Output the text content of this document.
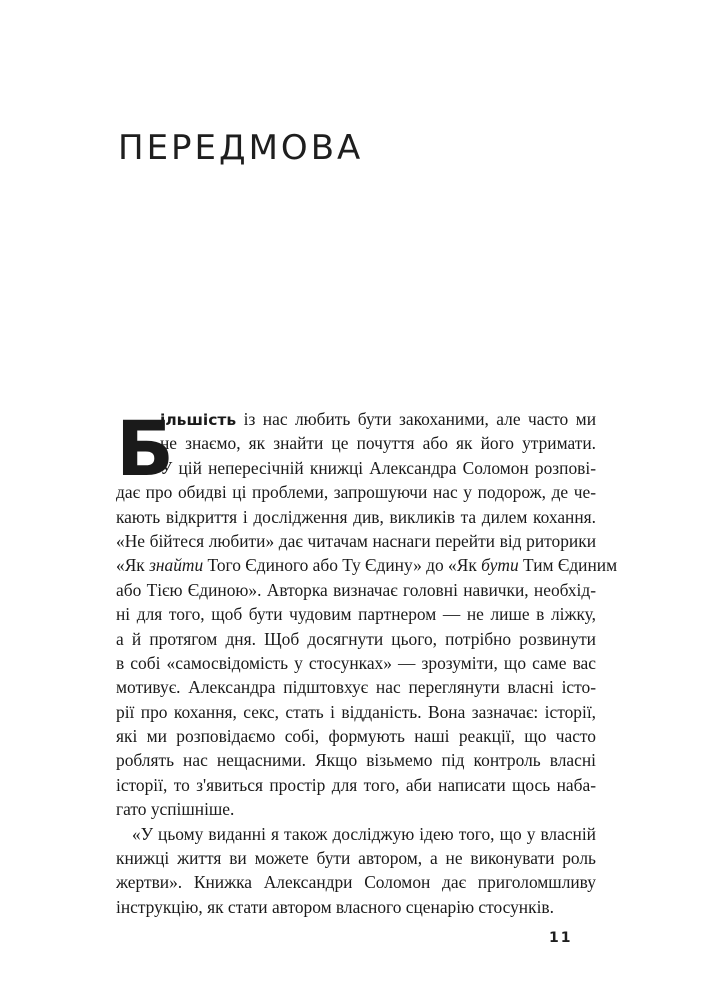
ПЕРЕДМОВА
Б
ільшість із нас любить бути закоханими, але часто ми
не знаємо, як знайти це почуття або як його утримати.
У цій непересічній книжці Александра Соломон розпові-
дає про обидві ці проблеми, запрошуючи нас у подорож, де че-
кають відкриття і дослідження див, викликів та дилем кохання.
«Не бійтеся любити» дає читачам наснаги перейти від риторики
«Як знайти Того Єдиного або Ту Єдину» до «Як бути Тим Єдиним
або Тією Єдиною». Авторка визначає головні навички, необхід-
ні для того, щоб бути чудовим партнером — не лише в ліжку,
а й протягом дня. Щоб досягнути цього, потрібно розвинути
в собі «самосвідомість у стосунках» — зрозуміти, що саме вас
мотивує. Александра підштовхує нас переглянути власні істо-
рії про кохання, секс, стать і відданість. Вона зазначає: історії,
які ми розповідаємо собі, формують наші реакції, що часто
роблять нас нещасними. Якщо візьмемо під контроль власні
історії, то з'явиться простір для того, аби написати щось наба-
гато успішніше.
«У цьому виданні я також досліджую ідею того, що у власній
книжці життя ви можете бути автором, а не виконувати роль
жертви». Книжка Александри Соломон дає приголомшливу
інструкцію, як стати автором власного сценарію стосунків.
11
